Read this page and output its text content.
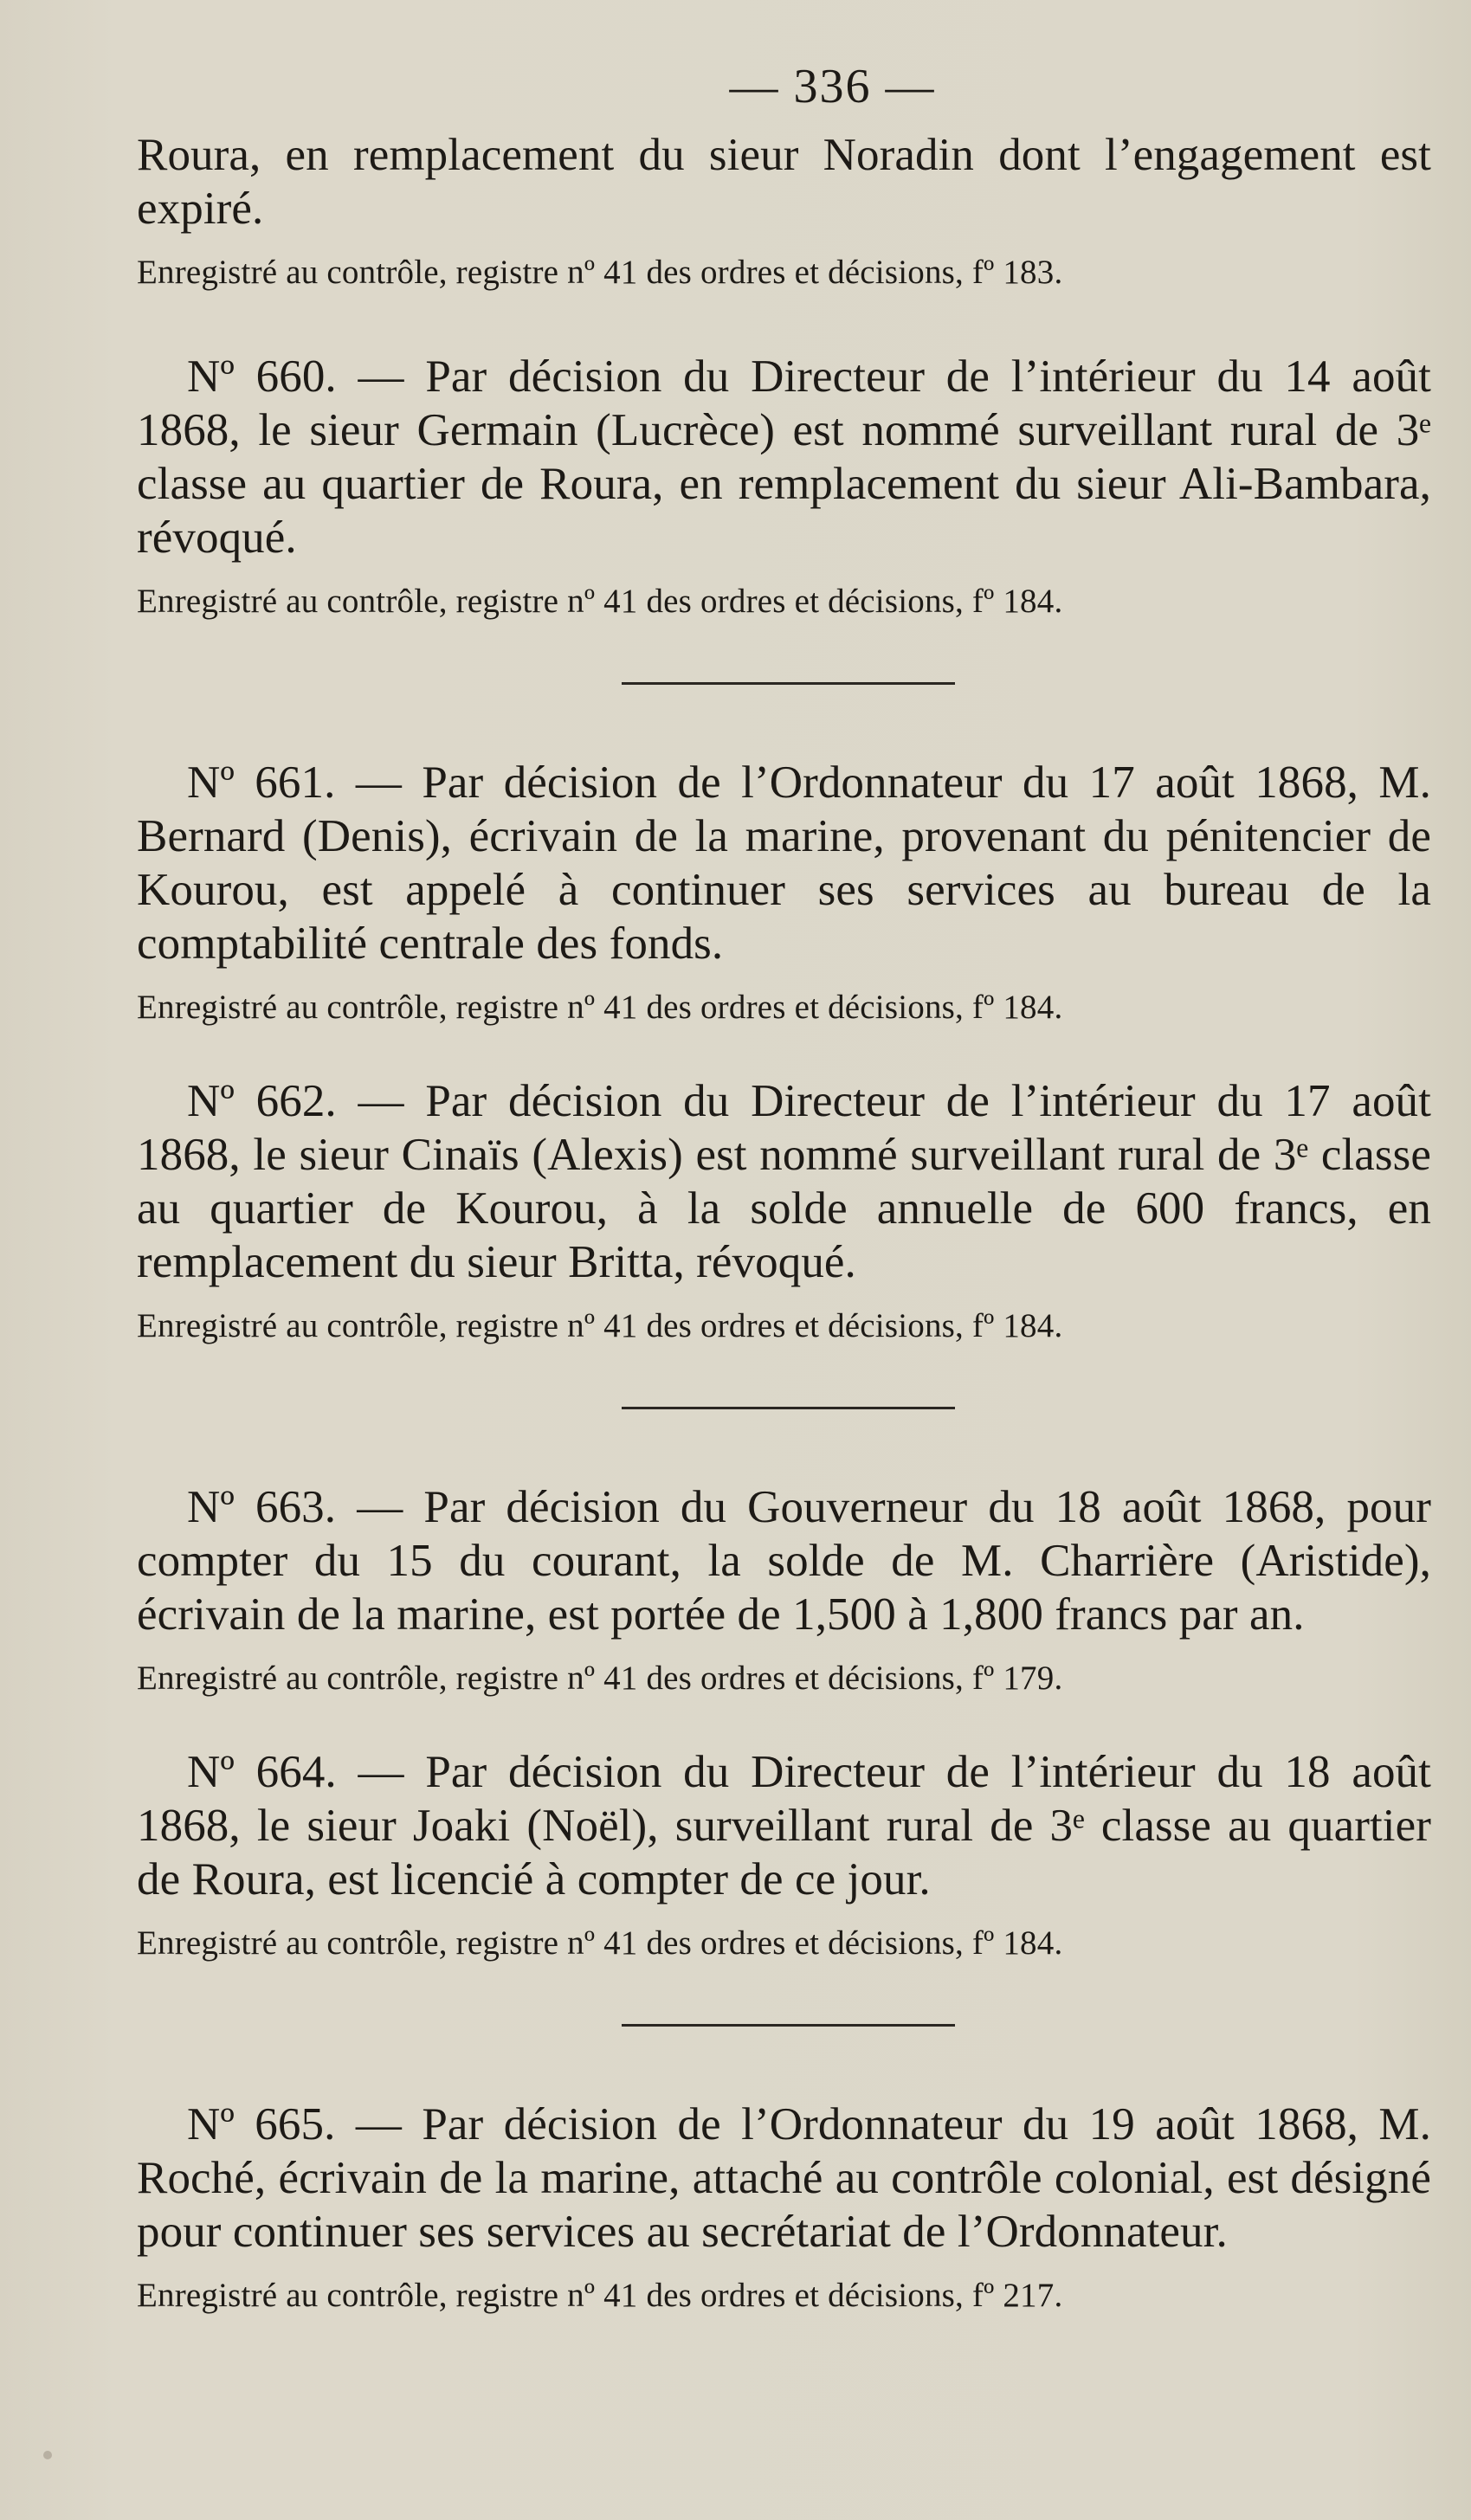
— 336 —

Roura, en remplacement du sieur Noradin dont l’engagement est expiré.

Enregistré au contrôle, registre nº 41 des ordres et décisions, fº 183.

Nº 660. — Par décision du Directeur de l’intérieur du 14 août 1868, le sieur Germain (Lucrèce) est nommé surveillant rural de 3ᵉ classe au quartier de Roura, en remplacement du sieur Ali-Bambara, révoqué.

Enregistré au contrôle, registre nº 41 des ordres et décisions, fº 184.

Nº 661. — Par décision de l’Ordonnateur du 17 août 1868, M. Bernard (Denis), écrivain de la marine, provenant du pénitencier de Kourou, est appelé à continuer ses services au bureau de la comptabilité centrale des fonds.

Enregistré au contrôle, registre nº 41 des ordres et décisions, fº 184.

Nº 662. — Par décision du Directeur de l’intérieur du 17 août 1868, le sieur Cinaïs (Alexis) est nommé surveillant rural de 3ᵉ classe au quartier de Kourou, à la solde annuelle de 600 francs, en remplacement du sieur Britta, révoqué.

Enregistré au contrôle, registre nº 41 des ordres et décisions, fº 184.

Nº 663. — Par décision du Gouverneur du 18 août 1868, pour compter du 15 du courant, la solde de M. Charrière (Aristide), écrivain de la marine, est portée de 1,500 à 1,800 francs par an.

Enregistré au contrôle, registre nº 41 des ordres et décisions, fº 179.

Nº 664. — Par décision du Directeur de l’intérieur du 18 août 1868, le sieur Joaki (Noël), surveillant rural de 3ᵉ classe au quartier de Roura, est licencié à compter de ce jour.

Enregistré au contrôle, registre nº 41 des ordres et décisions, fº 184.

Nº 665. — Par décision de l’Ordonnateur du 19 août 1868, M. Roché, écrivain de la marine, attaché au contrôle colonial, est désigné pour continuer ses services au secrétariat de l’Ordonnateur.

Enregistré au contrôle, registre nº 41 des ordres et décisions, fº 217.
